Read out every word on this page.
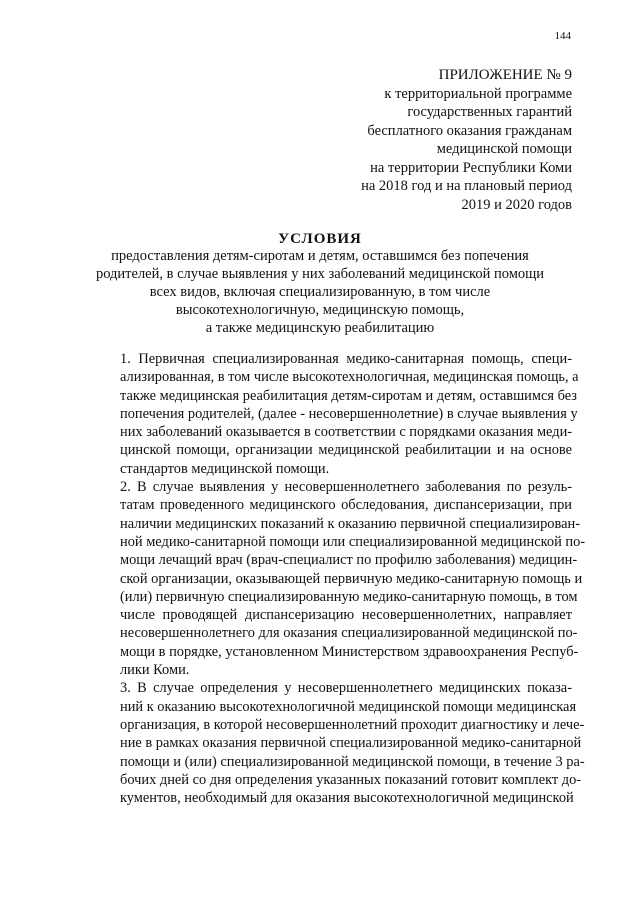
144
ПРИЛОЖЕНИЕ № 9
к территориальной программе
государственных гарантий
бесплатного оказания гражданам
медицинской помощи
на территории Республики Коми
на 2018 год и на плановый период
2019 и 2020 годов
УСЛОВИЯ
предоставления детям-сиротам и детям, оставшимся без попечения
родителей, в случае выявления у них заболеваний медицинской помощи
всех видов, включая специализированную, в том числе
высокотехнологичную, медицинскую помощь,
а также медицинскую реабилитацию

1. Первичная специализированная медико-санитарная помощь, специ-
ализированная, в том числе высокотехнологичная, медицинская помощь, а
также медицинская реабилитация детям-сиротам и детям, оставшимся без
попечения родителей, (далее - несовершеннолетние) в случае выявления у
них заболеваний оказывается в соответствии с порядками оказания меди-
цинской помощи, организации медицинской реабилитации и на основе
стандартов медицинской помощи.

2. В случае выявления у несовершеннолетнего заболевания по резуль-
татам проведенного медицинского обследования, диспансеризации, при
наличии медицинских показаний к оказанию первичной специализирован-
ной медико-санитарной помощи или специализированной медицинской по-
мощи лечащий врач (врач-специалист по профилю заболевания) медицин-
ской организации, оказывающей первичную медико-санитарную помощь и
(или) первичную специализированную медико-санитарную помощь, в том
числе проводящей диспансеризацию несовершеннолетних, направляет
несовершеннолетнего для оказания специализированной медицинской по-
мощи в порядке, установленном Министерством здравоохранения Респуб-
лики Коми.

3. В случае определения у несовершеннолетнего медицинских показа-
ний к оказанию высокотехнологичной медицинской помощи медицинская
организация, в которой несовершеннолетний проходит диагностику и лече-
ние в рамках оказания первичной специализированной медико-санитарной
помощи и (или) специализированной медицинской помощи, в течение 3 ра-
бочих дней со дня определения указанных показаний готовит комплект до-
кументов, необходимый для оказания высокотехнологичной медицинской
